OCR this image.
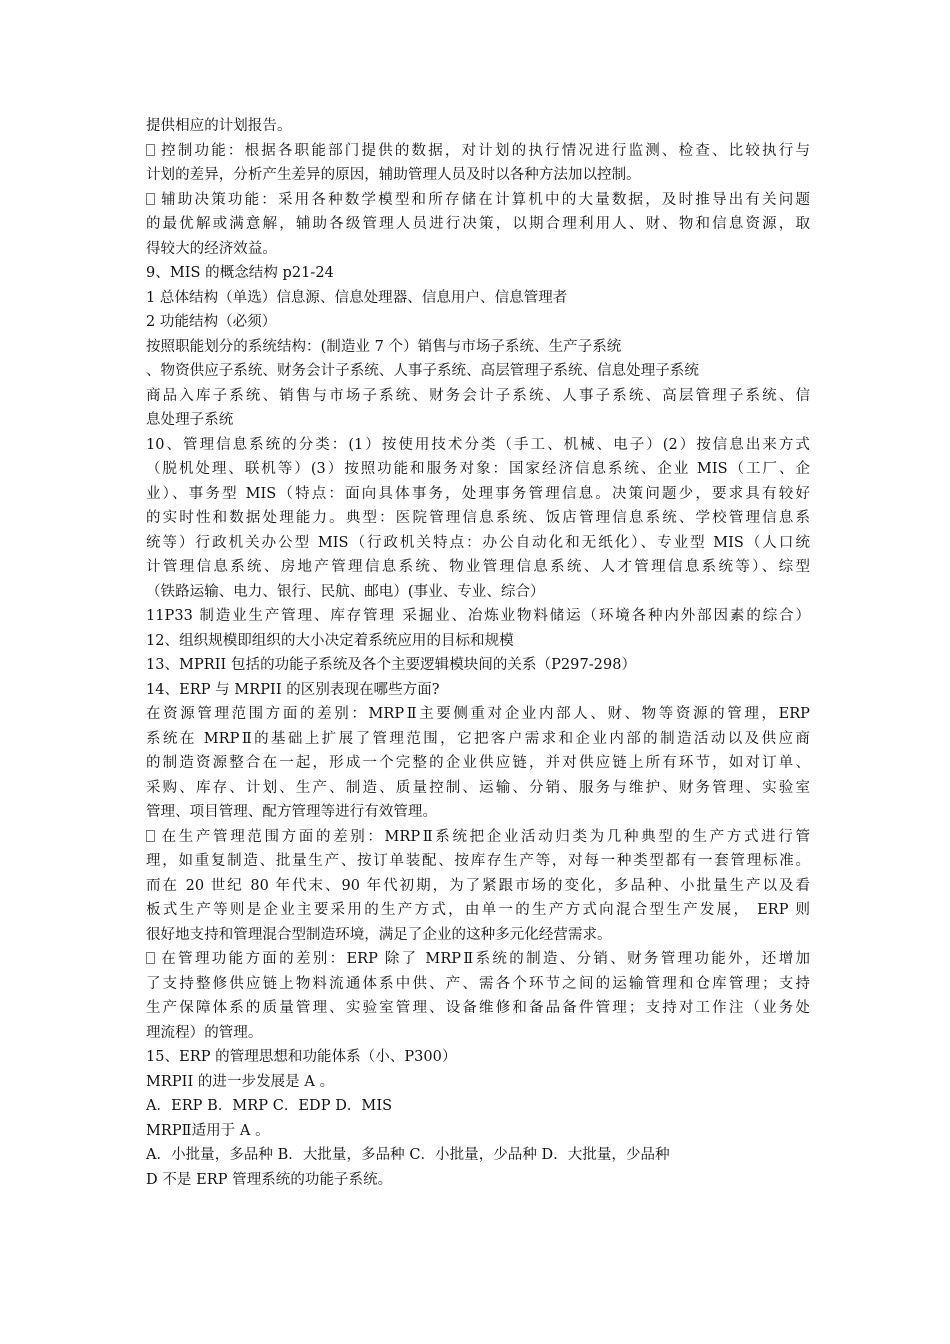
提供相应的计划报告。
控制功能：根据各职能部门提供的数据，对计划的执行情况进行监测、检查、比较执行与
计划的差异，分析产生差异的原因，辅助管理人员及时以各种方法加以控制。
辅助决策功能：采用各种数学模型和所存储在计算机中的大量数据，及时推导出有关问题
的最优解或满意解，辅助各级管理人员进行决策，以期合理利用人、财、物和信息资源，取
得较大的经济效益。
9、MIS 的概念结构 p21-24
1 总体结构（单选）信息源、信息处理器、信息用户、信息管理者
2 功能结构（必须）
按照职能划分的系统结构：(制造业 7 个）销售与市场子系统、生产子系统
、物资供应子系统、财务会计子系统、人事子系统、高层管理子系统、信息处理子系统
商品入库子系统、销售与市场子系统、财务会计子系统、人事子系统、高层管理子系统、信
息处理子系统
10、管理信息系统的分类：(1）按使用技术分类（手工、机械、电子）(2）按信息出来方式
（脱机处理、联机等）(3）按照功能和服务对象：国家经济信息系统、企业 MIS（工厂、企
业）、事务型 MIS（特点：面向具体事务，处理事务管理信息。决策问题少，要求具有较好
的实时性和数据处理能力。典型：医院管理信息系统、饭店管理信息系统、学校管理信息系
统等）行政机关办公型 MIS（行政机关特点：办公自动化和无纸化）、专业型 MIS（人口统
计管理信息系统、房地产管理信息系统、物业管理信息系统、人才管理信息系统等）、综型
（铁路运输、电力、银行、民航、邮电）(事业、专业、综合）
11P33 制造业生产管理、库存管理 采掘业、冶炼业物料储运（环境各种内外部因素的综合）
12、组织规模即组织的大小决定着系统应用的目标和规模
13、MPRII 包括的功能子系统及各个主要逻辑模块间的关系（P297-298）
14、ERP 与 MRPII 的区别表现在哪些方面?
在资源管理范围方面的差别：MRPⅡ主要侧重对企业内部人、财、物等资源的管理，ERP
系统在 MRPⅡ的基础上扩展了管理范围，它把客户需求和企业内部的制造活动以及供应商
的制造资源整合在一起，形成一个完整的企业供应链，并对供应链上所有环节，如对订单、
采购、库存、计划、生产、制造、质量控制、运输、分销、服务与维护、财务管理、实验室
管理、项目管理、配方管理等进行有效管理。
在生产管理范围方面的差别：MRPⅡ系统把企业活动归类为几种典型的生产方式进行管
理，如重复制造、批量生产、按订单装配、按库存生产等，对每一种类型都有一套管理标准。
而在 20 世纪 80 年代末、90 年代初期，为了紧跟市场的变化，多品种、小批量生产以及看
板式生产等则是企业主要采用的生产方式，由单一的生产方式向混合型生产发展， ERP 则
很好地支持和管理混合型制造环境，满足了企业的这种多元化经营需求。
在管理功能方面的差别：ERP 除了 MRPⅡ系统的制造、分销、财务管理功能外，还增加
了支持整修供应链上物料流通体系中供、产、需各个环节之间的运输管理和仓库管理；支持
生产保障体系的质量管理、实验室管理、设备维修和备品备件管理；支持对工作注（业务处
理流程）的管理。
15、ERP 的管理思想和功能体系（小、P300）
MRPII 的进一步发展是 A 。
A．ERP B．MRP C．EDP D．MIS
MRPⅡ适用于 A 。
A．小批量，多品种 B．大批量，多品种 C．小批量，少品种 D．大批量，少品种
D 不是 ERP 管理系统的功能子系统。
